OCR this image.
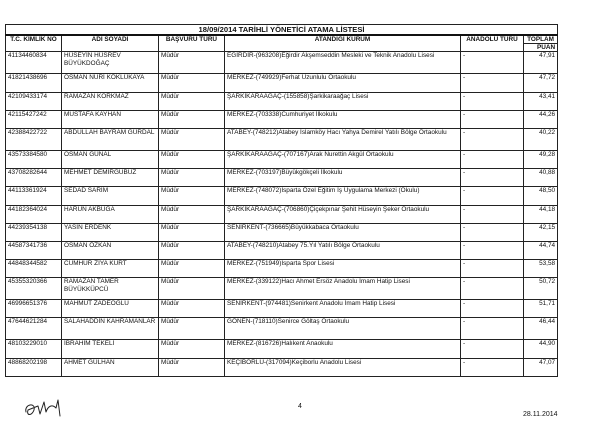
18/09/2014 TARİHLİ YÖNETİCİ ATAMA LİSTESİ					
T.C. KİMLİK NO	ADI SOYADI	BAŞVURU TÜRÜ	ATANDIĞI KURUM	ANADOLU TÜRÜ	TOPLAM
PUAN

41134460834	HÜSEYİN HÜSREV BÜYÜKDOĞAÇ	Müdür	EĞİRDİR-(963208)Eğirdir Akşemseddin Mesleki ve Teknik Anadolu Lisesi	-	47,91
41821438696	OSMAN NURİ KÖKLÜKAYA	Müdür	MERKEZ-(749929)Ferhat Uzunlulu Ortaokulu	-	47,72
42109433174	RAMAZAN KORKMAZ	Müdür	ŞARKİKARAAĞAÇ-(155858)Şarkikaraağaç Lisesi	-	43,41
42115427242	MUSTAFA KAYHAN	Müdür	MERKEZ-(703338)Cumhuriyet İlkokulu	-	44,26
42388422722	ABDULLAH BAYRAM GÜRDAL	Müdür	ATABEY-(748212)Atabey İslamköy Hacı Yahya Demirel Yatılı Bölge Ortaokulu	-	40,22
43573384580	OSMAN GÜNAL	Müdür	ŞARKİKARAAĞAÇ-(707167)Arak Nurettin Akgül Ortaokulu	-	49,28
43708282644	MEHMET DEMİRGUBUZ	Müdür	MERKEZ-(703197)Büyükgökçeli İlkokulu	-	40,88
44113361924	SEDAD SARIM	Müdür	MERKEZ-(748072)Isparta Özel Eğitim İş Uygulama Merkezi (Okulu)	-	48,50
44182364024	HARUN AKBUĞA	Müdür	ŞARKİKARAAĞAÇ-(706860)Çiçekpınar Şehit Hüseyin Şeker Ortaokulu	-	44,18
44239354138	YASİN ERDENK	Müdür	SENİRKENT-(736665)Büyükkabaca Ortaokulu	-	42,15
44587341736	OSMAN ÖZKAN	Müdür	ATABEY-(748210)Atabey 75.Yıl Yatılı Bölge Ortaokulu	-	44,74
44848344582	CUMHUR ZİYA KURT	Müdür	MERKEZ-(751949)Isparta Spor Lisesi	-	53,58
45355320366	RAMAZAN TAMER BÜYÜKKÜPCÜ	Müdür	MERKEZ-(339122)Hacı Ahmet Ersöz Anadolu İmam Hatip Lisesi	-	50,72
46996651376	MAHMUT ZADEOĞLU	Müdür	SENİRKENT-(974481)Senirkent Anadolu İmam Hatip Lisesi	-	51,71
47644621284	SALAHADDİN KAHRAMANLAR	Müdür	GÖNEN-(718110)Senirce Göltaş Ortaokulu	-	46,44
48103229010	İBRAHİM TEKELİ	Müdür	MERKEZ-(816726)Halıkent Anaokulu	-	44,90
48868202198	AHMET GÜLHAN	Müdür	KEÇİBORLU-(317094)Keçiborlu Anadolu Lisesi	-	47,07
4
28.11.2014
